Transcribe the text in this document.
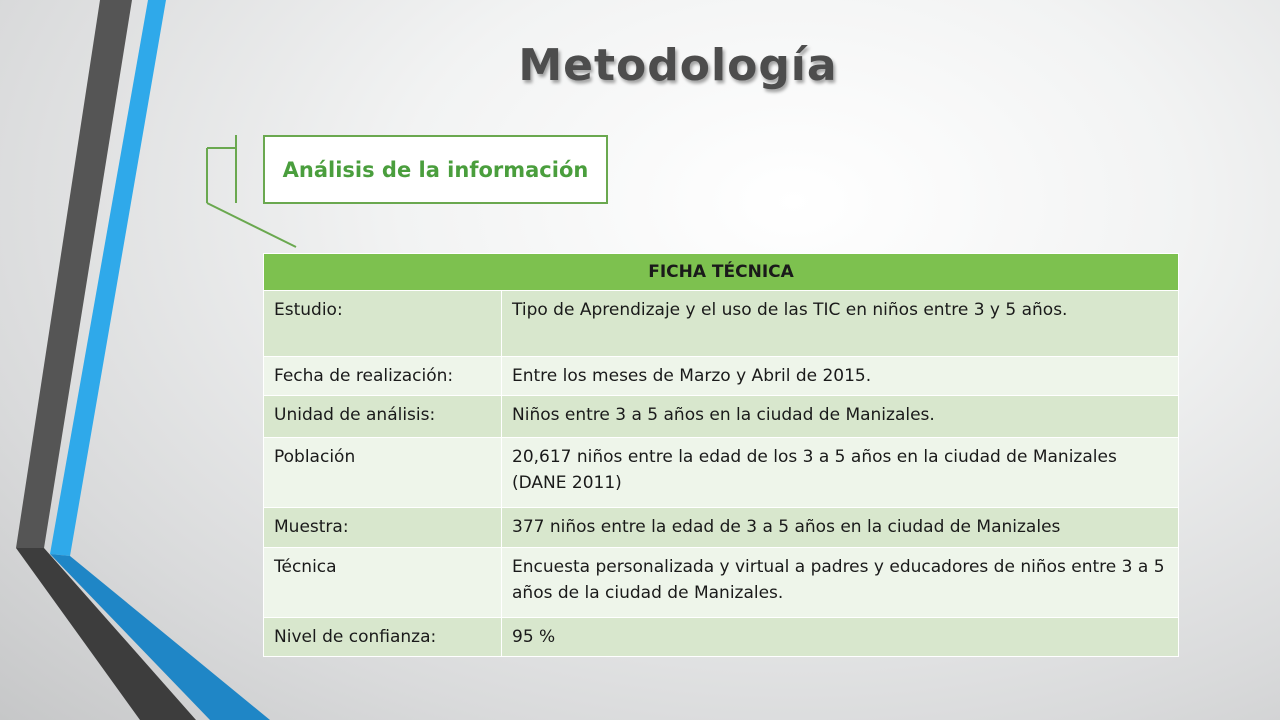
Metodología
Análisis de la información
FICHA TÉCNICA	
Estudio:	Tipo de Aprendizaje y el uso de las TIC en niños entre 3 y 5 años.
Fecha de realización:	Entre los meses de Marzo y Abril de 2015.
Unidad de análisis:	Niños entre 3 a 5 años en la ciudad de Manizales.
Población	20,617 niños entre la edad de los 3 a 5 años en la ciudad de Manizales (DANE 2011)
Muestra:	377 niños entre la edad de 3 a 5 años en la ciudad de Manizales
Técnica	Encuesta personalizada y virtual a padres y educadores de niños entre 3 a 5 años de la ciudad de Manizales.
Nivel de confianza:	95 %
